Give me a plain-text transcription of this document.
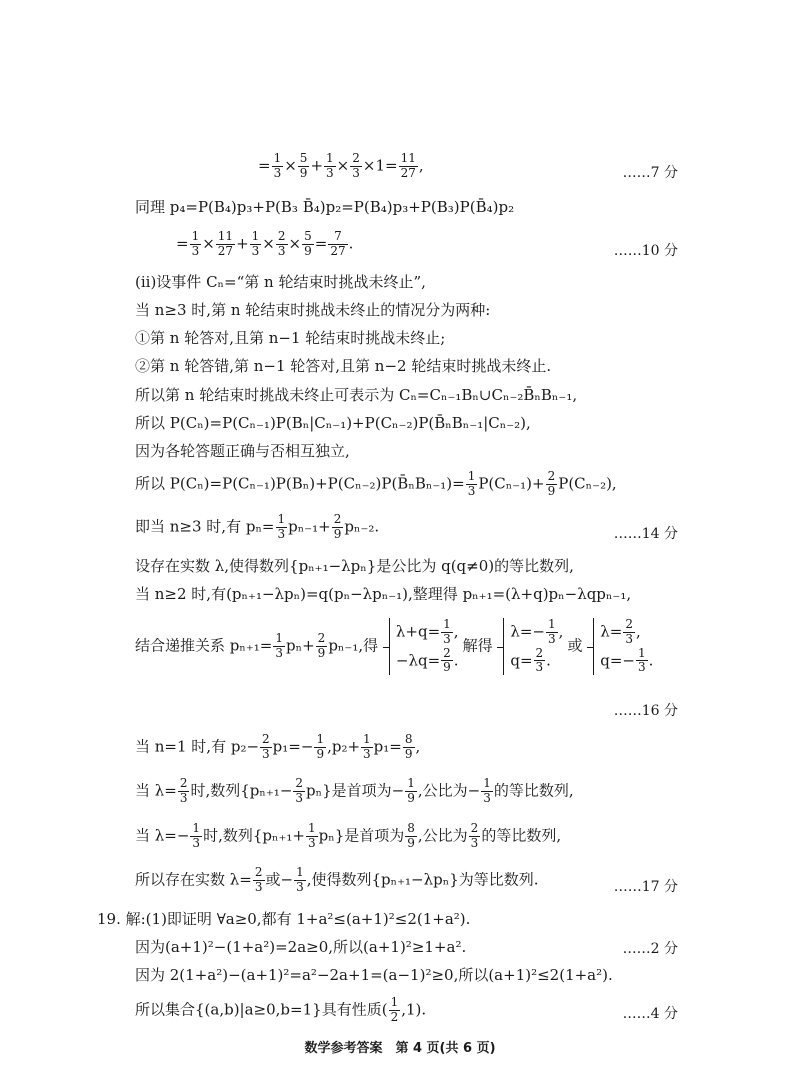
= $\frac{1}{3} \times \frac{5}{9} + \frac{1}{3} \times \frac{2}{3} \times 1= \frac{11}{27}$ ,	……7 分
同理 p₄=P(B₄)p₃+P(B₃ B̄₄)p₂=P(B₄)p₃+P(B₃)P(B̄₄)p₂
= $\frac{1}{3} \times \frac{11}{27} + \frac{1}{3} \times \frac{2}{3} \times \frac{5}{9} = \frac{7}{27}$ .	……10 分
(ii)设事件 Cₙ=“第 n 轮结束时挑战未终止”,
当 n≥3 时,第 n 轮结束时挑战未终止的情况分为两种:
①第 n 轮答对,且第 n−1 轮结束时挑战未终止;
②第 n 轮答错,第 n−1 轮答对,且第 n−2 轮结束时挑战未终止.
所以第 n 轮结束时挑战未终止可表示为 Cₙ=Cₙ₋₁Bₙ∪Cₙ₋₂B̄ₙBₙ₋₁,
所以 P(Cₙ)=P(Cₙ₋₁)P(Bₙ|Cₙ₋₁)+P(Cₙ₋₂)P(B̄ₙBₙ₋₁|Cₙ₋₂),
因为各轮答题正确与否相互独立,
所以 P(Cₙ)=P(Cₙ₋₁)P(Bₙ)+P(Cₙ₋₂)P(B̄ₙBₙ₋₁)= $\frac{1}{3} P(C_{n-1})+ \frac{2}{9} P(C_{n-2})$,
即当 n≥3 时,有 $p_n= \frac{1}{3} p_{n-1}+ \frac{2}{9} p_{n-2}$.	……14 分
设存在实数 λ,使得数列{pₙ₊₁−λpₙ}是公比为 q(q≠0)的等比数列,
当 n≥2 时,有(pₙ₊₁−λpₙ)=q(pₙ−λpₙ₋₁),整理得 pₙ₊₁=(λ+q)pₙ−λqpₙ₋₁,
结合递推关系 $p_{n+1}= \frac{1}{3} p_n+ \frac{2}{9} p_{n-1}$,得
$\lambda+q= \frac{1}{3}$ ,
$-\lambda q= \frac{2}{9}$ .
解得
$\lambda=- \frac{1}{3}$ ,
$q= \frac{2}{3}$ .
或
$\lambda= \frac{2}{3}$ ,
$q=- \frac{1}{3}$ .
……16 分
当 n=1 时,有 $p_2- \frac{2}{3} p_1=- \frac{1}{9} ,p_2+ \frac{1}{3} p_1= \frac{8}{9}$ ,
当 $\lambda= \frac{2}{3}$ 时,数列$\{p_{n+1}- \frac{2}{3} p_n\}$是首项为− $\frac{1}{9}$ ,公比为− $\frac{1}{3}$ 的等比数列,
当 $\lambda=- \frac{1}{3}$ 时,数列$\{p_{n+1}+ \frac{1}{3} p_n\}$是首项为 $\frac{8}{9}$ ,公比为 $\frac{2}{3}$ 的等比数列,
所以存在实数 $\lambda= \frac{2}{3}$ 或− $\frac{1}{3}$ ,使得数列{pₙ₊₁−λpₙ}为等比数列.	……17 分
19. 解:(1)即证明 ∀a≥0,都有 1+a²≤(a+1)²≤2(1+a²).
因为(a+1)²−(1+a²)=2a≥0,所以(a+1)²≥1+a².	……2 分
因为 2(1+a²)−(a+1)²=a²−2a+1=(a−1)²≥0,所以(a+1)²≤2(1+a²).
所以集合{(a,b)|a≥0,b=1}具有性质( $\frac{1}{2} ,1$).	……4 分
数学参考答案　第 4 页(共 6 页)
